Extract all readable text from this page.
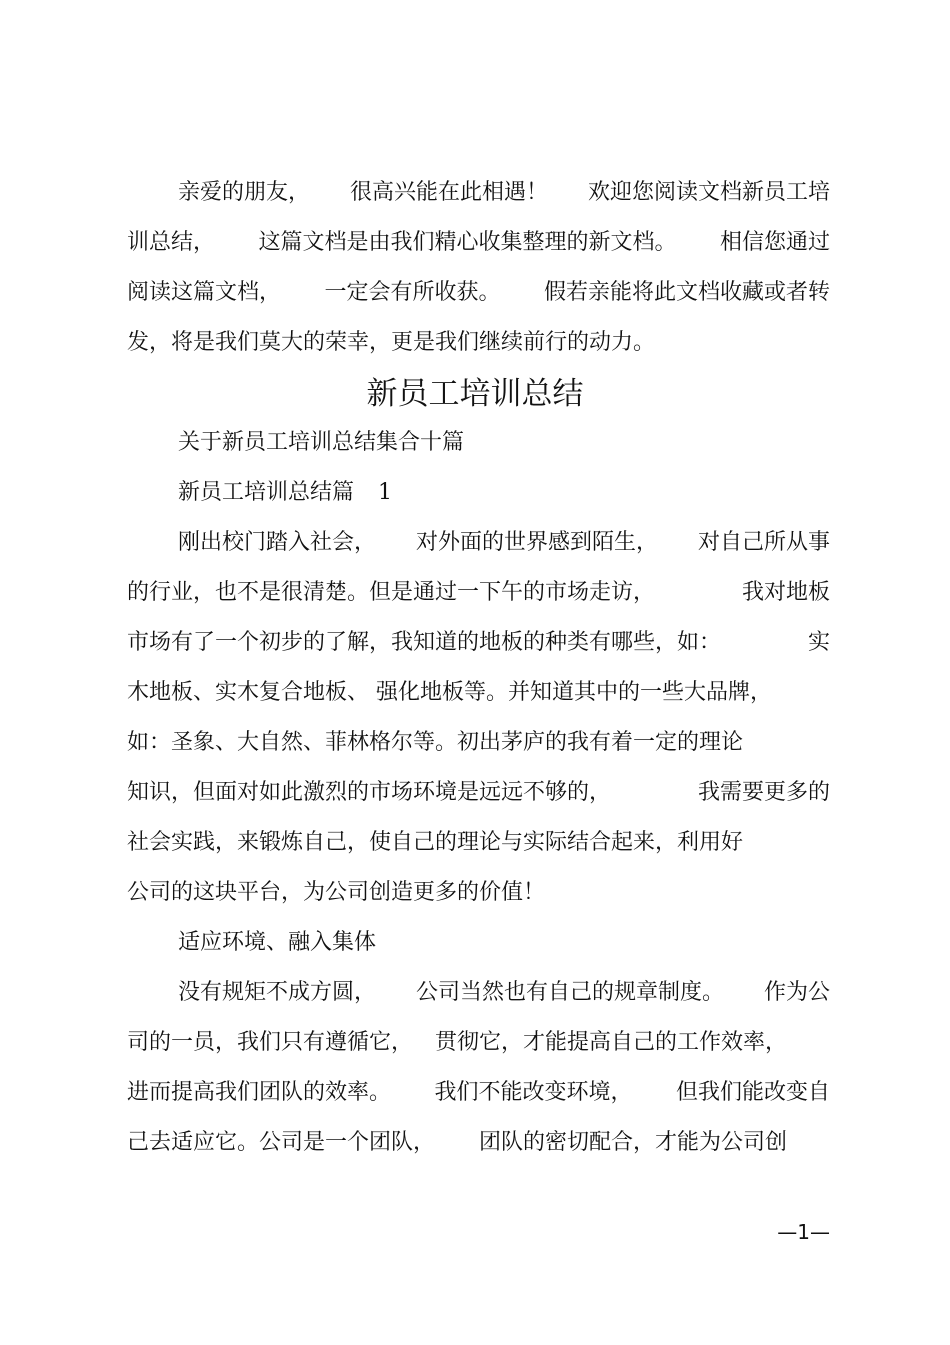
亲爱的朋友， 很高兴能在此相遇！ 欢迎您阅读文档新员工培
训总结， 这篇文档是由我们精心收集整理的新文档。 相信您通过
阅读这篇文档， 一定会有所收获。 假若亲能将此文档收藏或者转
发，将是我们莫大的荣幸，更是我们继续前行的动力。
新员工培训总结
关于新员工培训总结集合十篇
新员工培训总结篇 1
刚出校门踏入社会， 对外面的世界感到陌生， 对自己所从事
的行业，也不是很清楚。但是通过一下午的市场走访，	我对地板
市场有了一个初步的了解，我知道的地板的种类有哪些，如：	实
木地板、实木复合地板、 强化地板等。并知道其中的一些大品牌，
如：圣象、大自然、菲林格尔等。初出茅庐的我有着一定的理论
知识，但面对如此激烈的市场环境是远远不够的，	我需要更多的
社会实践，来锻炼自己，使自己的理论与实际结合起来，利用好
公司的这块平台，为公司创造更多的价值！
适应环境、融入集体
没有规矩不成方圆， 公司当然也有自己的规章制度。 作为公
司的一员，我们只有遵循它， 贯彻它，才能提高自己的工作效率，
进而提高我们团队的效率。 我们不能改变环境， 但我们能改变自
己去适应它。公司是一个团队， 团队的密切配合，才能为公司创
—1—
